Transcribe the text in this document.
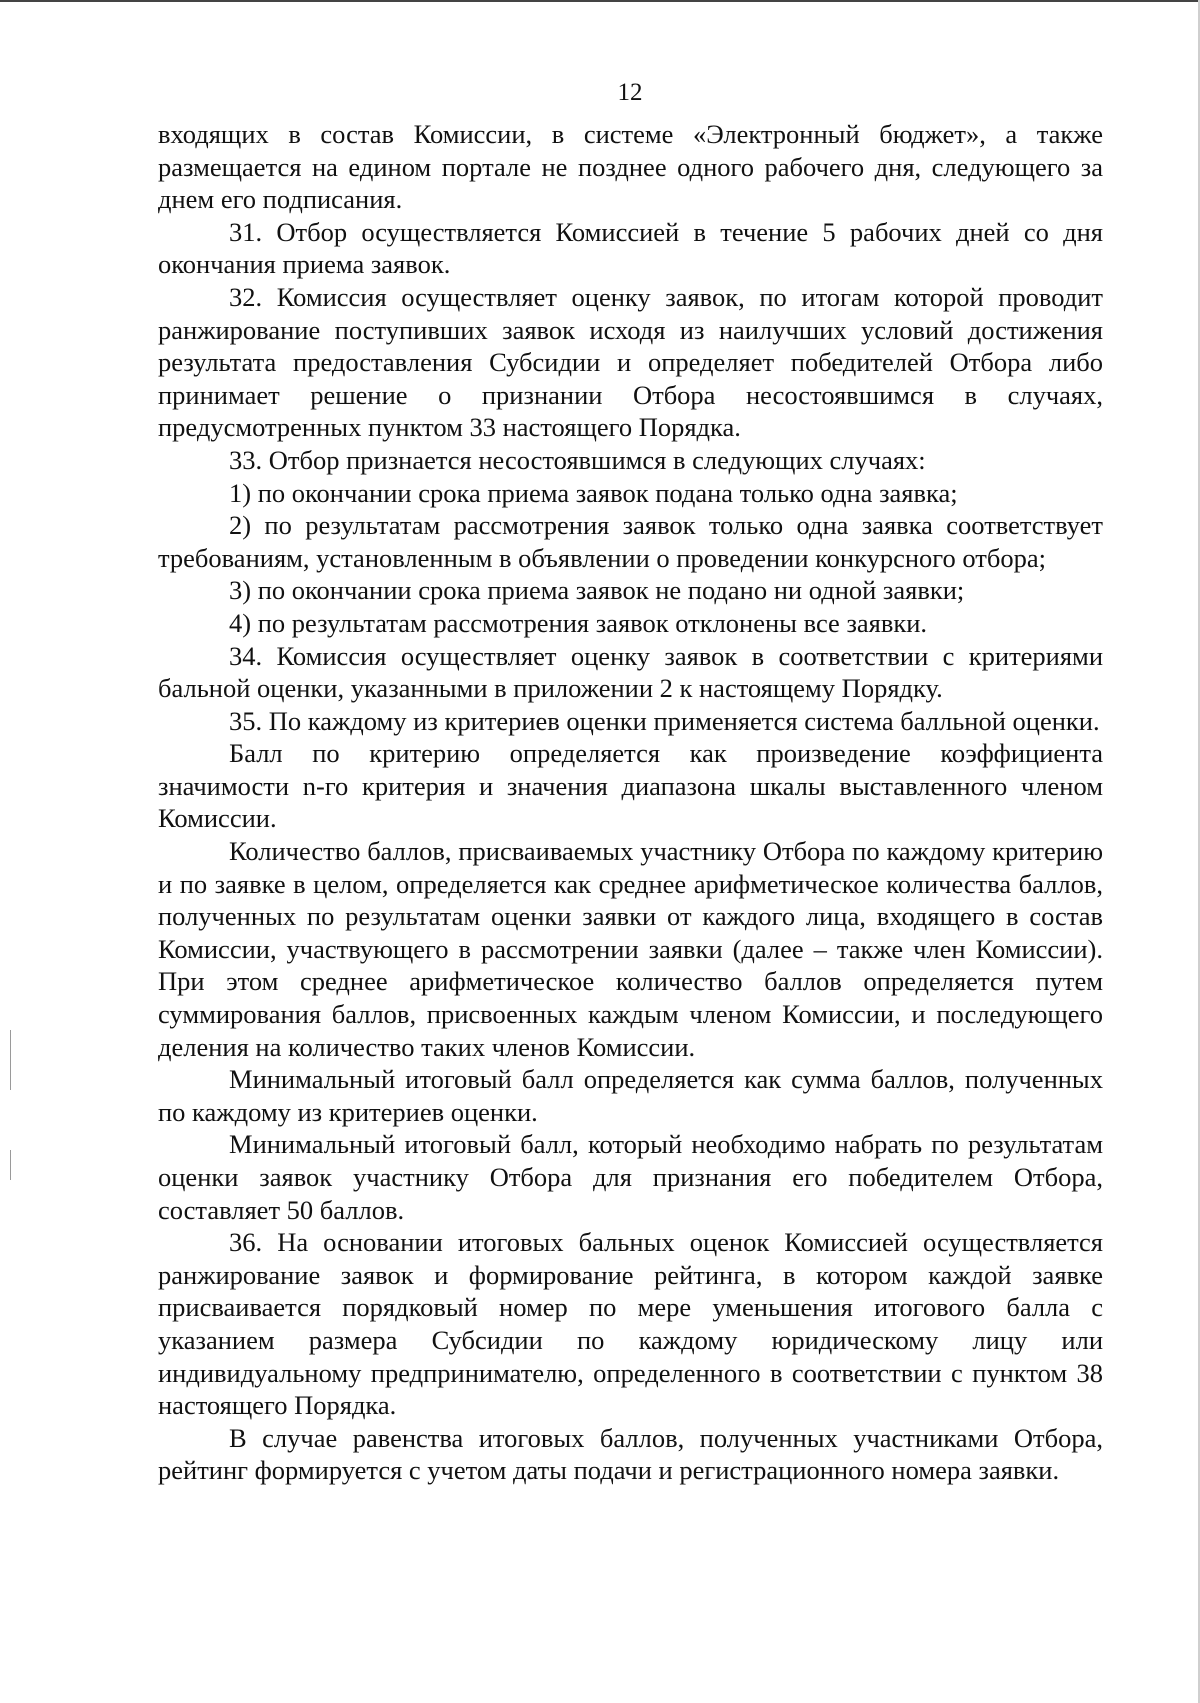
12

входящих в состав Комиссии, в системе «Электронный бюджет», а также размещается на едином портале не позднее одного рабочего дня, следующего за днем его подписания.

31. Отбор осуществляется Комиссией в течение 5 рабочих дней со дня окончания приема заявок.

32. Комиссия осуществляет оценку заявок, по итогам которой проводит ранжирование поступивших заявок исходя из наилучших условий достижения результата предоставления Субсидии и определяет победителей Отбора либо принимает решение о признании Отбора несостоявшимся в случаях, предусмотренных пунктом 33 настоящего Порядка.

33. Отбор признается несостоявшимся в следующих случаях:

1) по окончании срока приема заявок подана только одна заявка;

2) по результатам рассмотрения заявок только одна заявка соответствует требованиям, установленным в объявлении о проведении конкурсного отбора;

3) по окончании срока приема заявок не подано ни одной заявки;

4) по результатам рассмотрения заявок отклонены все заявки.

34. Комиссия осуществляет оценку заявок в соответствии с критериями бальной оценки, указанными в приложении 2 к настоящему Порядку.

35. По каждому из критериев оценки применяется система балльной оценки.

Балл по критерию определяется как произведение коэффициента значимости n-го критерия и значения диапазона шкалы выставленного членом Комиссии.

Количество баллов, присваиваемых участнику Отбора по каждому критерию и по заявке в целом, определяется как среднее арифметическое количества баллов, полученных по результатам оценки заявки от каждого лица, входящего в состав Комиссии, участвующего в рассмотрении заявки (далее – также член Комиссии). При этом среднее арифметическое количество баллов определяется путем суммирования баллов, присвоенных каждым членом Комиссии, и последующего деления на количество таких членов Комиссии.

Минимальный итоговый балл определяется как сумма баллов, полученных по каждому из критериев оценки.

Минимальный итоговый балл, который необходимо набрать по результатам оценки заявок участнику Отбора для признания его победителем Отбора, составляет 50 баллов.

36. На основании итоговых бальных оценок Комиссией осуществляется ранжирование заявок и формирование рейтинга, в котором каждой заявке присваивается порядковый номер по мере уменьшения итогового балла с указанием размера Субсидии по каждому юридическому лицу или индивидуальному предпринимателю, определенного в соответствии с пунктом 38 настоящего Порядка.

В случае равенства итоговых баллов, полученных участниками Отбора, рейтинг формируется с учетом даты подачи и регистрационного номера заявки.
